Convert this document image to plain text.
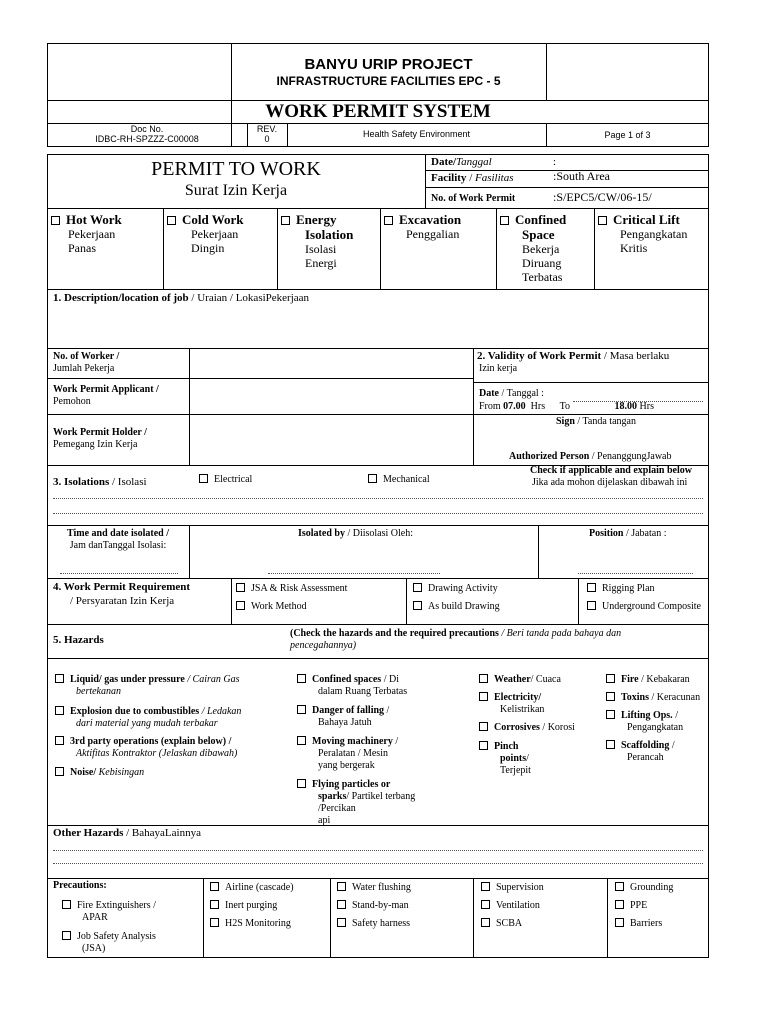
BANYU URIP PROJECT
INFRASTRUCTURE FACILITIES EPC - 5
WORK PERMIT SYSTEM
Doc No.
IDBC-RH-SPZZZ-C00008
REV.
0	Health Safety Environment	Page 1 of 3
PERMIT TO WORK
Surat Izin Kerja
Date/Tanggal	:
Facility / Fasilitas	:South Area
No. of Work Permit	:S/EPC5/CW/06-15/
Hot Work
Pekerjaan
Panas
Cold Work
Pekerjaan
Dingin
Energy
Isolation
Isolasi
Energi
Excavation
Penggalian
Confined
Space
Bekerja
Diruang
Terbatas
Critical Lift
Pengangkatan
Kritis
1. Description/location of job / Uraian / LokasiPekerjaan
No. of Worker /
Jumlah Pekerja
Work Permit Applicant /
Pemohon
Work Permit Holder /
Pemegang Izin Kerja
2. Validity of Work Permit / Masa berlaku
Izin kerja
Date / Tanggal :
From 07.00 Hrs To	18.00 Hrs
Sign / Tanda tangan
Authorized Person / PenanggungJawab
3. Isolations / Isolasi	Electrical	Mechanical
Check if applicable and explain below
Jika ada mohon dijelaskan dibawah ini
Time and date isolated /
Jam danTanggal Isolasi:
Isolated by / Diisolasi Oleh:	Position / Jabatan :
4. Work Permit Requirement
/ Persyaratan Izin Kerja
JSA & Risk Assessment
Work Method
Drawing Activity
As build Drawing
Rigging Plan
Underground Composite
5. Hazards
(Check the hazards and the required precautions / Beri tanda pada bahaya dan
pencegahannya)
Liquid/ gas under pressure / Cairan Gas
bertekanan
Explosion due to combustibles / Ledakan
dari material yang mudah terbakar
3rd party operations (explain below) /
Aktifitas Kontraktor (Jelaskan dibawah)
Noise/ Kebisingan
Confined spaces / Di
dalam Ruang Terbatas
Danger of falling /
Bahaya Jatuh
Moving machinery /
Peralatan / Mesin
yang bergerak
Flying particles or
sparks/ Partikel terbang
/Percikan
api
Weather/ Cuaca
Electricity/
Kelistrikan
Corrosives / Korosi
Pinch
points/
Terjepit
Fire / Kebakaran
Toxins / Keracunan
Lifting Ops. /
Pengangkatan
Scaffolding /
Perancah
Other Hazards / BahayaLainnya
Precautions:
Fire Extinguishers /
APAR
Job Safety Analysis
(JSA)
Airline (cascade)
Inert purging
H2S Monitoring
Water flushing
Stand-by-man
Safety harness
Supervision
Ventilation
SCBA
Grounding
PPE
Barriers
